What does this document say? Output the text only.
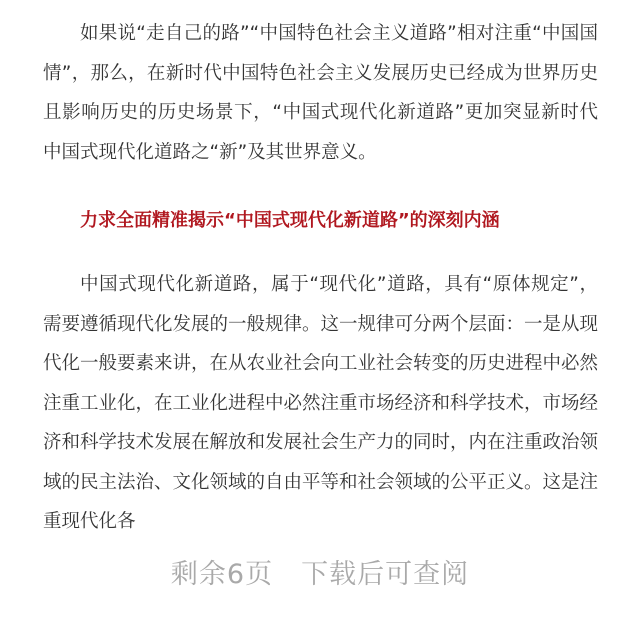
如果说“走自己的路”“中国特色社会主义道路”相对注重“中国国情”，那么，在新时代中国特色社会主义发展历史已经成为世界历史且影响历史的历史场景下，“中国式现代化新道路”更加突显新时代中国式现代化道路之“新”及其世界意义。

力求全面精准揭示“中国式现代化新道路”的深刻内涵

中国式现代化新道路，属于“现代化”道路，具有“原体规定”，需要遵循现代化发展的一般规律。这一规律可分两个层面：一是从现代化一般要素来讲，在从农业社会向工业社会转变的历史进程中必然注重工业化，在工业化进程中必然注重市场经济和科学技术，市场经济和科学技术发展在解放和发展社会生产力的同时，内在注重政治领域的民主法治、文化领域的自由平等和社会领域的公平正义。这是注重现代化各

剩余6页 下载后可查阅
